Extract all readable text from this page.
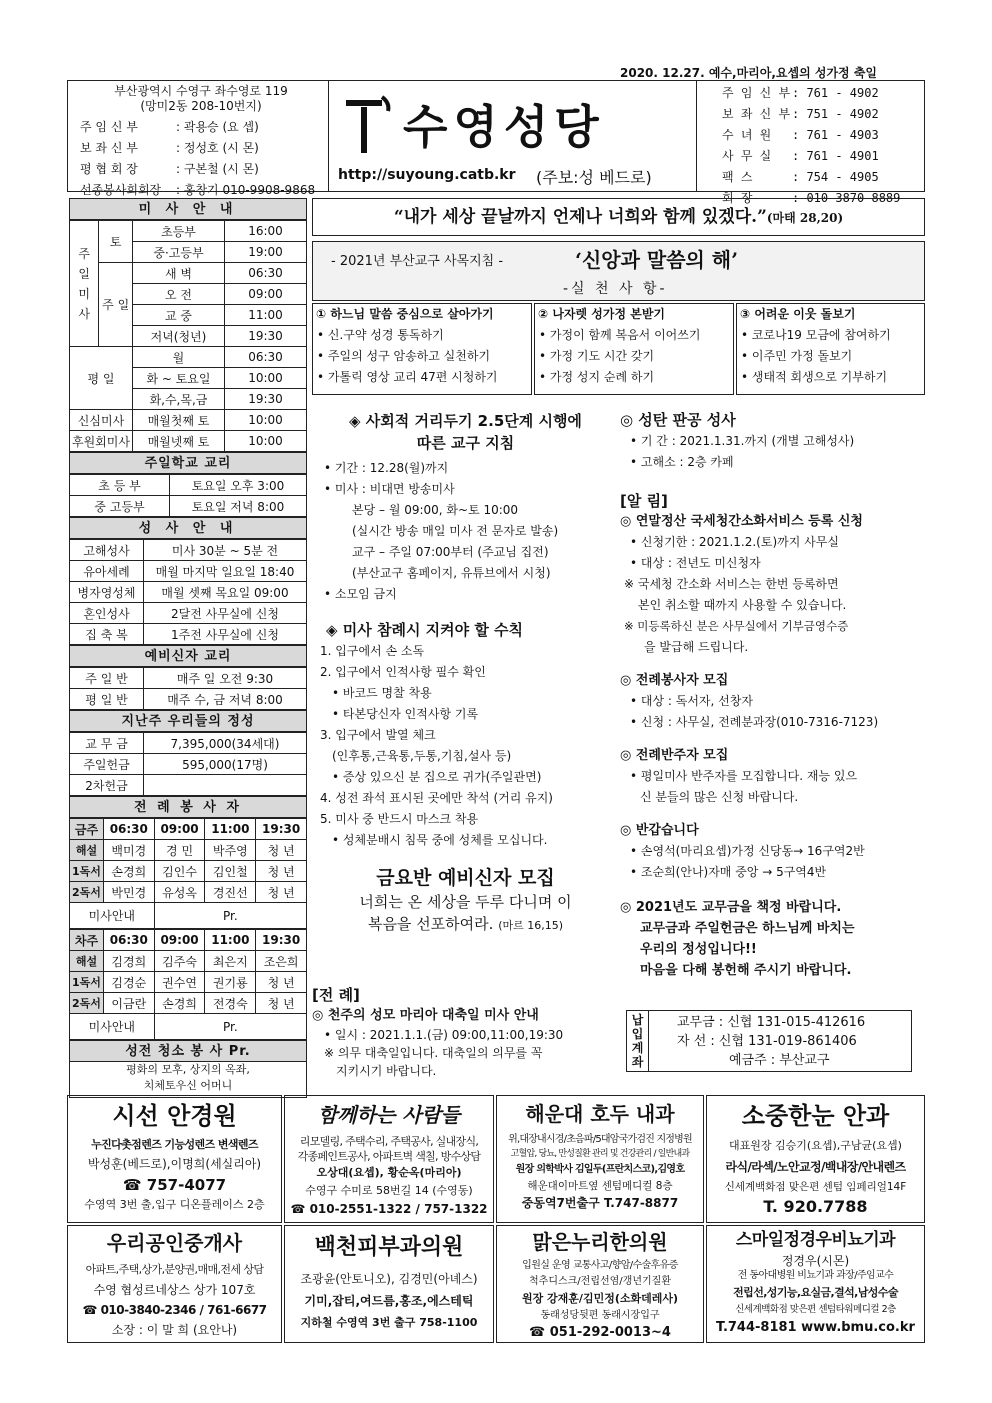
2020. 12.27. 예수,마리아,요셉의 성가정 축일
부산광역시 수영구 좌수영로 119
(망미2동 208-10번지)
주 임 신 부	: 곽용승 (요 셉)
보 좌 신 부	: 정성호 (시 몬)
평 협 회 장	: 구본철 (시 몬)
선종봉사회회장 : 홍창기 010-9908-9868
수영성당
http://suyoung.catb.kr (주보:성 베드로)
주 임 신 부 : 761 - 4902
보 좌 신 부 : 751 - 4902
수 녀 원 : 761 - 4903
사 무 실 : 761 - 4901
팩 스	: 754 - 4905
회 장	: 010-3870-8889
미 사 안 내
주 일 미 사	토	초등부	16:00
		중·고등부	19:00
	주 일	새 벽	06:30
		오 전	09:00
		교 중	11:00
		저녁(청년)	19:30
평 일		월	06:30
		화 ~ 토요일	10:00
		화,수,목,금	19:30
신심미사		매월첫째 토	10:00
후원회미사		매월넷째 토	10:00
주일학교 교리
초 등 부	토요일 오후 3:00
중 고등부	토요일 저녁 8:00
성 사 안 내
고해성사	미사 30분 ~ 5분 전
유아세례	매월 마지막 일요일 18:40
병자영성체	매월 셋째 목요일 09:00
혼인성사	2달전 사무실에 신청
집 축 복	1주전 사무실에 신청
예비신자 교리
주 일 반	매주 일 오전 9:30
평 일 반	매주 수, 금 저녁 8:00
지난주 우리들의 정성
교 무 금	7,395,000(34세대)
주일헌금	595,000(17명)
2차헌금	
전 례 봉 사 자
금주	06:30	09:00	11:00	19:30
해설	백미경	경 민	박주영	청 년
1독서	손경희	김인수	김인철	청 년
2독서	박민경	유성옥	경진선	청 년
미사안내		Pr.		
차주	06:30	09:00	11:00	19:30
해설	김경희	김주숙	최은지	조은희
1독서	김경순	권수연	권기룡	청 년
2독서	이금란	손경희	전경숙	청 년
미사안내		Pr.		
성전 청소 봉 사 Pr.
평화의 모후, 상지의 옥좌,
치체토우신 어머니
“내가 세상 끝날까지 언제나 너희와 함께 있겠다.”(마태 28,20)
- 2021년 부산교구 사목지침 -	‘신앙과 말씀의 해’
-실 천 사 항-
① 하느님 말씀 중심으로 살아가기
• 신.구약 성경 통독하기
• 주일의 성구 암송하고 실천하기
• 가톨릭 영상 교리 47편 시청하기
② 나자렛 성가정 본받기
• 가정이 함께 복음서 이어쓰기
• 가정 기도 시간 갖기
• 가정 성지 순례 하기
③ 어려운 이웃 돌보기
• 코로나19 모금에 참여하기
• 이주민 가정 돌보기
• 생태적 회생으로 기부하기
◈ 사회적 거리두기 2.5단계 시행에
따른 교구 지침
• 기간 : 12.28(월)까지
• 미사 : 비대면 방송미사
본당 – 월 09:00, 화~토 10:00
(실시간 방송 매일 미사 전 문자로 발송)
교구 – 주일 07:00부터 (주교님 집전)
(부산교구 홈페이지, 유튜브에서 시청)
• 소모임 금지
◈ 미사 참례시 지켜야 할 수칙
1. 입구에서 손 소독
2. 입구에서 인적사항 필수 확인
• 바코드 명찰 착용
• 타본당신자 인적사항 기록
3. 입구에서 발열 체크
(인후통,근육통,두통,기침,설사 등)
• 증상 있으신 분 집으로 귀가(주일관면)
4. 성전 좌석 표시된 곳에만 착석 (거리 유지)
5. 미사 중 반드시 마스크 착용
• 성체분배시 침묵 중에 성체를 모십니다.
금요반 예비신자 모집
너희는 온 세상을 두루 다니며 이
복음을 선포하여라. (마르 16,15)
[전 례]
◎ 천주의 성모 마리아 대축일 미사 안내
• 일시 : 2021.1.1.(금) 09:00,11:00,19:30
※ 의무 대축일입니다. 대축일의 의무를 꼭
지키시기 바랍니다.
◎ 성탄 판공 성사
• 기 간 : 2021.1.31.까지 (개별 고해성사)
• 고해소 : 2층 카페
[알 림]
◎ 연말정산 국세청간소화서비스 등록 신청
• 신청기한 : 2021.1.2.(토)까지 사무실
• 대상 : 전년도 미신청자
※ 국세청 간소화 서비스는 한번 등록하면
본인 취소할 때까지 사용할 수 있습니다.
※ 미등록하신 분은 사무실에서 기부금영수증
을 발급해 드립니다.
◎ 전례봉사자 모집
• 대상 : 독서자, 선창자
• 신청 : 사무실, 전례분과장(010-7316-7123)
◎ 전례반주자 모집
• 평일미사 반주자를 모집합니다. 재능 있으
신 분들의 많은 신청 바랍니다.
◎ 반갑습니다
• 손영석(마리요셉)가정 신당동→ 16구역2반
• 조순희(안나)자매 중앙 → 5구역4반
◎ 2021년도 교무금을 책정 바랍니다.
교무금과 주일헌금은 하느님께 바치는
우리의 정성입니다!!
마음을 다해 봉헌해 주시기 바랍니다.
납입계좌
교무금 : 신협 131-015-412616
자 선 : 신협 131-019-861406
예금주 : 부산교구
시선 안경원
누진다촛점렌즈 기능성렌즈 변색렌즈
박성훈(베드로),이명희(세실리아)
☎ 757-4077
수영역 3번 출,입구 디온플레이스 2층
함께하는 사람들
리모델링, 주택수리, 주택공사, 실내장식,
각종페인트공사, 아파트벽 색칠, 방수상담
오상대(요셉), 황순옥(마리아)
수영구 수미로 58번길 14 (수영동)
☎ 010-2551-1322 / 757-1322
해운대 호두 내과
위,대장내시경/초음파/5대암국가검진 지정병원
고혈압, 당뇨, 만성질환 관리 및 건강관리 / 일반내과
원장 의학박사 김일두(프란치스코),김영호
해운대이마트옆 센텀메디컬 8층
중동역7번출구 T.747-8877
소중한눈 안과
대표원장 김승기(요셉),구남균(요셉)
라식/라섹/노안교정/백내장/안내렌즈
신세계백화점 맞은편 센텀 임페리얼14F
T. 920.7788
우리공인중개사
아파트,주택,상가,분양권,매매,전세 상담
수영 협성르네상스 상가 107호
☎ 010-3840-2346 / 761-6677
소장 : 이 말 희 (요안나)
백천피부과의원
조광윤(안토니오), 김경민(아녜스)
기미,잡티,여드름,홍조,에스테틱
지하철 수영역 3번 출구 758-1100
맑은누리한의원
입원실 운영 교통사고/향암/수술후유증
척추디스크/전립선염/갱년기질환
원장 강재훈/김민정(소화데레사)
동래성당뒷편 동래시장입구
☎ 051-292-0013~4
스마일정경우비뇨기과
정경우(시몬)
전 동아대병원 비뇨기과 과장/주임교수
전립선,성기능,요실금,결석,남성수술
신세계백화점 맞은편 센텀타워메디컬 2층
T.744-8181 www.bmu.co.kr
